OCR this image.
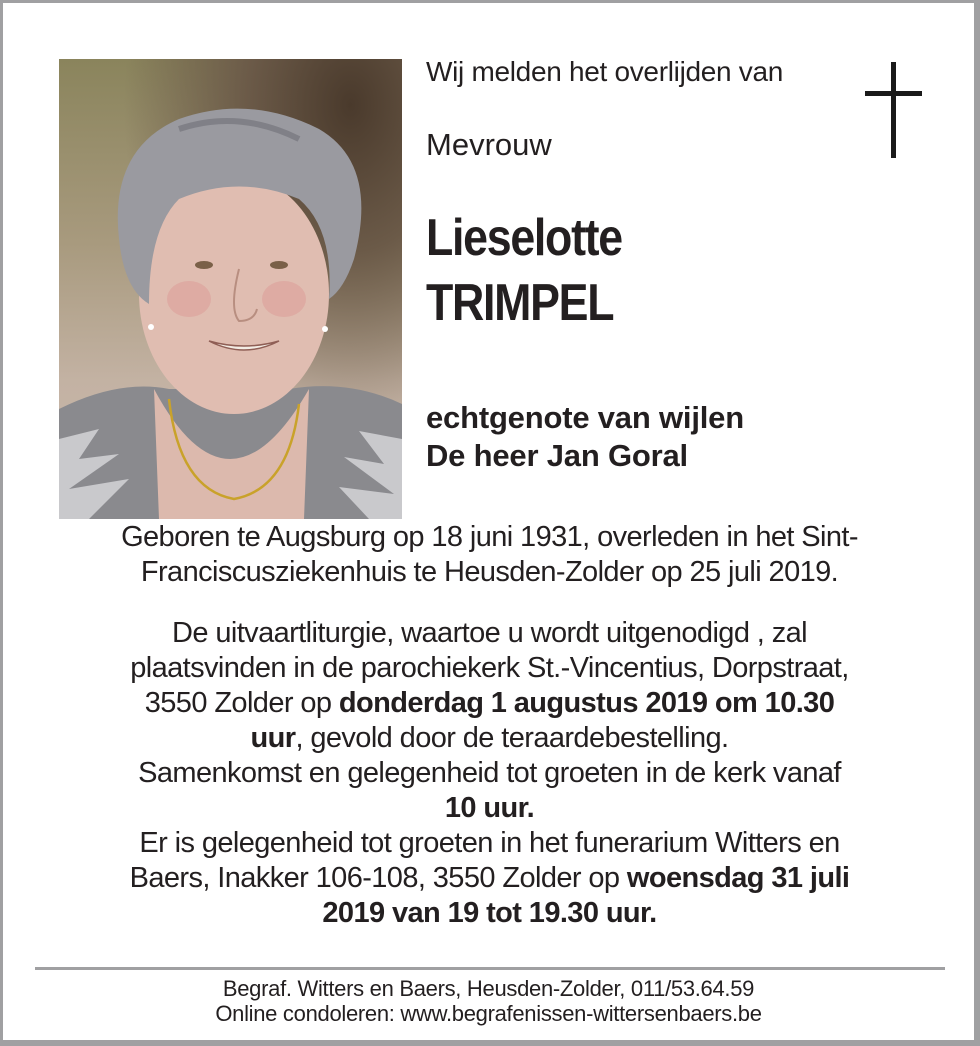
Wij melden het overlijden van
Mevrouw
Lieselotte
TRIMPEL
echtgenote van wijlen
De heer Jan Goral
Geboren te Augsburg op 18 juni 1931, overleden in het Sint-
Franciscusziekenhuis te Heusden-Zolder op 25 juli 2019.
De uitvaartliturgie, waartoe u wordt uitgenodigd , zal
plaatsvinden in de parochiekerk St.-Vincentius, Dorpstraat,
3550 Zolder op donderdag 1 augustus 2019 om 10.30
uur, gevold door de teraardebestelling.
Samenkomst en gelegenheid tot groeten in de kerk vanaf
10 uur.
Er is gelegenheid tot groeten in het funerarium Witters en
Baers, Inakker 106-108, 3550 Zolder op woensdag 31 juli
2019 van 19 tot 19.30 uur.
Begraf. Witters en Baers, Heusden-Zolder, 011/53.64.59
Online condoleren: www.begrafenissen-wittersenbaers.be
